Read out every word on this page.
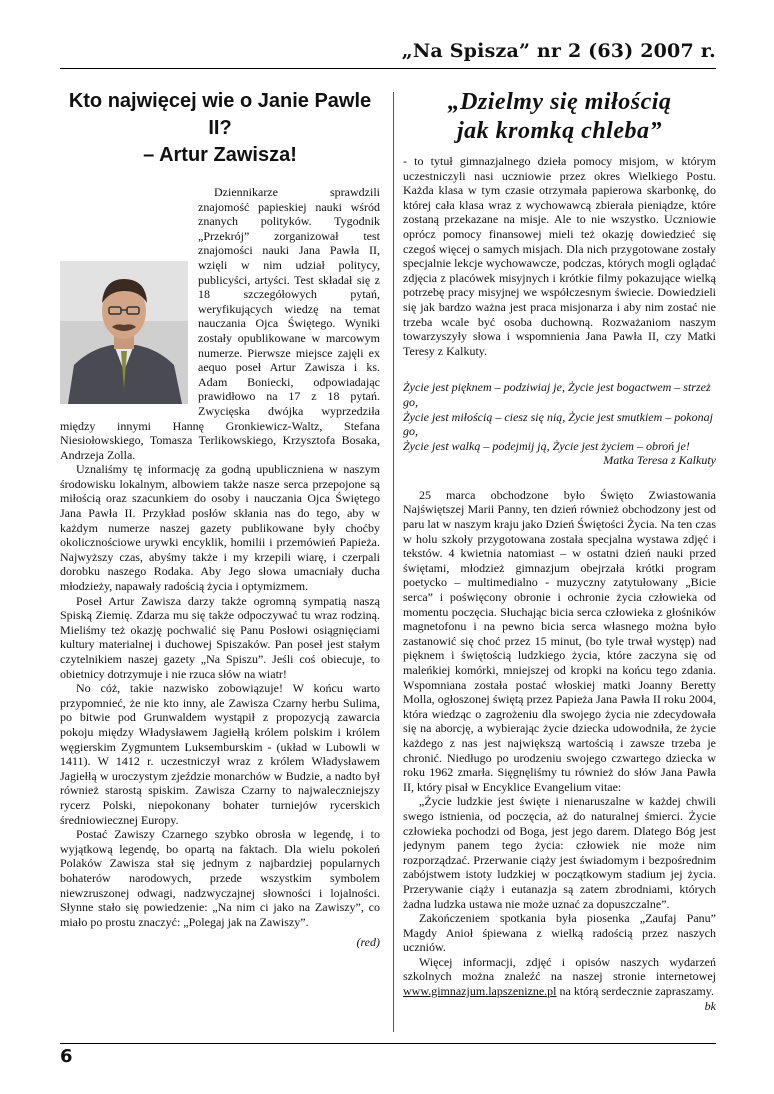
„Na Spisza” nr 2 (63) 2007 r.
Kto najwięcej wie o Janie Pawle II?
– Artur Zawisza!

Dziennikarze sprawdzili znajomość papieskiej nauki wśród znanych polityków. Tygodnik „Przekrój” zorganizował test znajomości nauki Jana Pawła II, wzięli w nim udział politycy, publicyści, artyści. Test składał się z 18 szczegółowych pytań, weryfikujących wiedzę na temat nauczania Ojca Świętego. Wyniki zostały opublikowane w marcowym numerze. Pierwsze miejsce zajęli ex aequo poseł Artur Zawisza i ks. Adam Boniecki, odpowiadając prawidłowo na 17 z 18 pytań. Zwycięska dwójka wyprzedziła między innymi Hannę Gronkiewicz-Waltz, Stefana Niesiołowskiego, Tomasza Terlikowskiego, Krzysztofa Bosaka, Andrzeja Zolla.

Uznaliśmy tę informację za godną upubliczniena w naszym środowisku lokalnym, albowiem także nasze serca przepojone są miłością oraz szacunkiem do osoby i nauczania Ojca Świętego Jana Pawła II. Przykład posłów skłania nas do tego, aby w każdym numerze naszej gazety publikowane były choćby okolicznościowe urywki encyklik, homilii i przemówień Papieża. Najwyższy czas, abyśmy także i my krzepili wiarę, i czerpali dorobku naszego Rodaka. Aby Jego słowa umacniały ducha młodzieży, napawały radością życia i optymizmem.

Poseł Artur Zawisza darzy także ogromną sympatią naszą Spiską Ziemię. Zdarza mu się także odpoczywać tu wraz rodziną. Mieliśmy też okazję pochwalić się Panu Posłowi osiągnięciami kultury materialnej i duchowej Spiszaków. Pan poseł jest stałym czytelnikiem naszej gazety „Na Spiszu”. Jeśli coś obiecuje, to obietnicy dotrzymuje i nie rzuca słów na wiatr!

No cóż, takie nazwisko zobowiązuje! W końcu warto przypomnieć, że nie kto inny, ale Zawisza Czarny herbu Sulima, po bitwie pod Grunwaldem wystąpił z propozycją zawarcia pokoju między Władysławem Jagiełłą królem polskim i królem węgierskim Zygmuntem Luksemburskim - (układ w Lubowli w 1411). W 1412 r. uczestniczył wraz z królem Władysławem Jagiełłą w uroczystym zjeździe monarchów w Budzie, a nadto był również starostą spiskim. Zawisza Czarny to najwaleczniejszy rycerz Polski, niepokonany bohater turniejów rycerskich średniowiecznej Europy.

Postać Zawiszy Czarnego szybko obrosła w legendę, i to wyjątkową legendę, bo opartą na faktach. Dla wielu pokoleń Polaków Zawisza stał się jednym z najbardziej popularnych bohaterów narodowych, przede wszystkim symbolem niewzruszonej odwagi, nadzwyczajnej słowności i lojalności. Słynne stało się powiedzenie: „Na nim ci jako na Zawiszy”, co miało po prostu znaczyć: „Polegaj jak na Zawiszy”.

(red)

„Dzielmy się miłością
jak kromką chleba”

- to tytuł gimnazjalnego dzieła pomocy misjom, w którym uczestniczyli nasi uczniowie przez okres Wielkiego Postu. Każda klasa w tym czasie otrzymała papierowa skarbonkę, do której cała klasa wraz z wychowawcą zbierała pieniądze, które zostaną przekazane na misje. Ale to nie wszystko. Uczniowie oprócz pomocy finansowej mieli też okazję dowiedzieć się czegoś więcej o samych misjach. Dla nich przygotowane zostały specjalnie lekcje wychowawcze, podczas, których mogli oglądać zdjęcia z placówek misyjnych i krótkie filmy pokazujące wielką potrzebę pracy misyjnej we współczesnym świecie. Dowiedzieli się jak bardzo ważna jest praca misjonarza i aby nim zostać nie trzeba wcale być osoba duchowną. Rozważaniom naszym towarzyszyły słowa i wspomnienia Jana Pawła II, czy Matki Teresy z Kalkuty.

Życie jest pięknem – podziwiaj je, Życie jest bogactwem – strzeż go,

Życie jest miłością – ciesz się nią, Życie jest smutkiem – pokonaj go,

Życie jest walką – podejmij ją, Życie jest życiem – obroń je!

Matka Teresa z Kalkuty

25 marca obchodzone było Święto Zwiastowania Najświętszej Marii Panny, ten dzień również obchodzony jest od paru lat w naszym kraju jako Dzień Świętości Życia. Na ten czas w holu szkoły przygotowana została specjalna wystawa zdjęć i tekstów. 4 kwietnia natomiast – w ostatni dzień nauki przed świętami, młodzież gimnazjum obejrzała krótki program poetycko – multimedialno - muzyczny zatytułowany „Bicie serca” i poświęcony obronie i ochronie życia człowieka od momentu poczęcia. Słuchając bicia serca człowieka z głośników magnetofonu i na pewno bicia serca własnego można było zastanowić się choć przez 15 minut, (bo tyle trwał występ) nad pięknem i świętością ludzkiego życia, które zaczyna się od maleńkiej komórki, mniejszej od kropki na końcu tego zdania. Wspomniana została postać włoskiej matki Joanny Beretty Molla, ogłoszonej świętą przez Papieża Jana Pawła II roku 2004, która wiedząc o zagrożeniu dla swojego życia nie zdecydowała się na aborcję, a wybierając życie dziecka udowodniła, że życie każdego z nas jest największą wartością i zawsze trzeba je chronić. Niedługo po urodzeniu swojego czwartego dziecka w roku 1962 zmarła. Sięgnęliśmy tu również do słów Jana Pawła II, który pisał w Encyklice Evangelium vitae:

„Życie ludzkie jest święte i nienaruszalne w każdej chwili swego istnienia, od poczęcia, aż do naturalnej śmierci. Życie człowieka pochodzi od Boga, jest jego darem. Dlatego Bóg jest jedynym panem tego życia: człowiek nie może nim rozporządzać. Przerwanie ciąży jest świadomym i bezpośrednim zabójstwem istoty ludzkiej w początkowym stadium jej życia. Przerywanie ciąży i eutanazja są zatem zbrodniami, których żadna ludzka ustawa nie może uznać za dopuszczalne”.

Zakończeniem spotkania była piosenka „Zaufaj Panu” Magdy Anioł śpiewana z wielką radością przez naszych uczniów.

Więcej informacji, zdjęć i opisów naszych wydarzeń szkolnych można znaleźć na naszej stronie internetowej www.gimnazjum.lapszenizne.pl na którą serdecznie zapraszamy.

bk

6
